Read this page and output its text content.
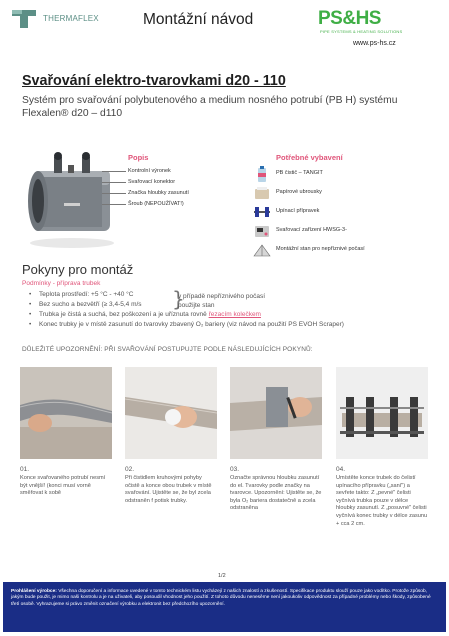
THERMAFLEX	Montážní návod	PS&HS
PIPE SYSTEMS & HEATING SOLUTIONS
www.ps-hs.cz
Svařování elektro-tvarovkami d20 - 110
Systém pro svařování polybutenového a medium nosného potrubí (PB H) systému Flexalen® d20 – d110
Popis
Kontrolní výronek
Svařovací konektor
Značka hloubky zasunutí
Šroub (NEPOUŽÍVAT!)
Potřebné vybavení
PB čistič – TANGIT
Papírové ubrousky
Upínací přípravek
Svařovací zařízení HWSG-3-
Montážní stan pro nepříznivé počasí
Pokyny pro montáž
Podmínky - příprava trubek
• Teplota prostředí: +5 °C - +40 °C
• Bez sucho a bezvětří (≥ 3,4-5,4 m/s
• Trubka je čistá a suchá, bez poškození a je uříznuta rovně řezacím kolečkem
• Konec trubky je v místě zasunutí do tvarovky zbavený O₂ bariery (viz návod na použití PS EVOH Scraper)
}
v případě nepříznivého počasí
použijte stan
DŮLEŽITÉ UPOZORNĚNÍ: PŘI SVAŘOVÁNÍ POSTUPUJTE PODLE NÁSLEDUJÍCÍCH POKYNŮ:
01.
Konce svařovaného potrubí nesmí být vnější! (konci musí vorně směřovat k sobě
02.
Při čistidlem kruhovými pohyby očistě a konce obou trubek v místě svařování. Ujistěte se, že byl zcela odstraněn f potisk trubky.
03.
Označte správnou hloubku zasunutí do el. Tvarovky podle značky na tvarovce. Upozornění: Ujistěte se, že byla O₂ bariera dostatečně a zcela odstraněna
04.
Umístěte konce trubek do čelistí upínacího přípravku („saní") a sevřete takto: Z „pevné" čelisti vyčnívá trubka pouze v délce hloubky zasunutí. Z „posuvné" čelisti vyčnívá konec trubky v délce zasunu + cca 2 cm.
1/2
Prohlášení výrobce: Všechna doporučení a informace uvedené v tomto technickém listu vycházejí z našich znalostí a zkušeností. Specifikace produktu slouží pouze jako vodítko. Protože způsob, jakým bude použit, je mimo naši kontrolu a je na uživateli, aby posoudil vhodnost jeho použití. Z tohoto důvodu nenesěme není jakoukoliv odpovědnost za případné problémy nebo škody, způsobené třetí osobě. Vyhrazujeme si právo změnit označení výrobku a elektronit bez předchozího upozornění.
